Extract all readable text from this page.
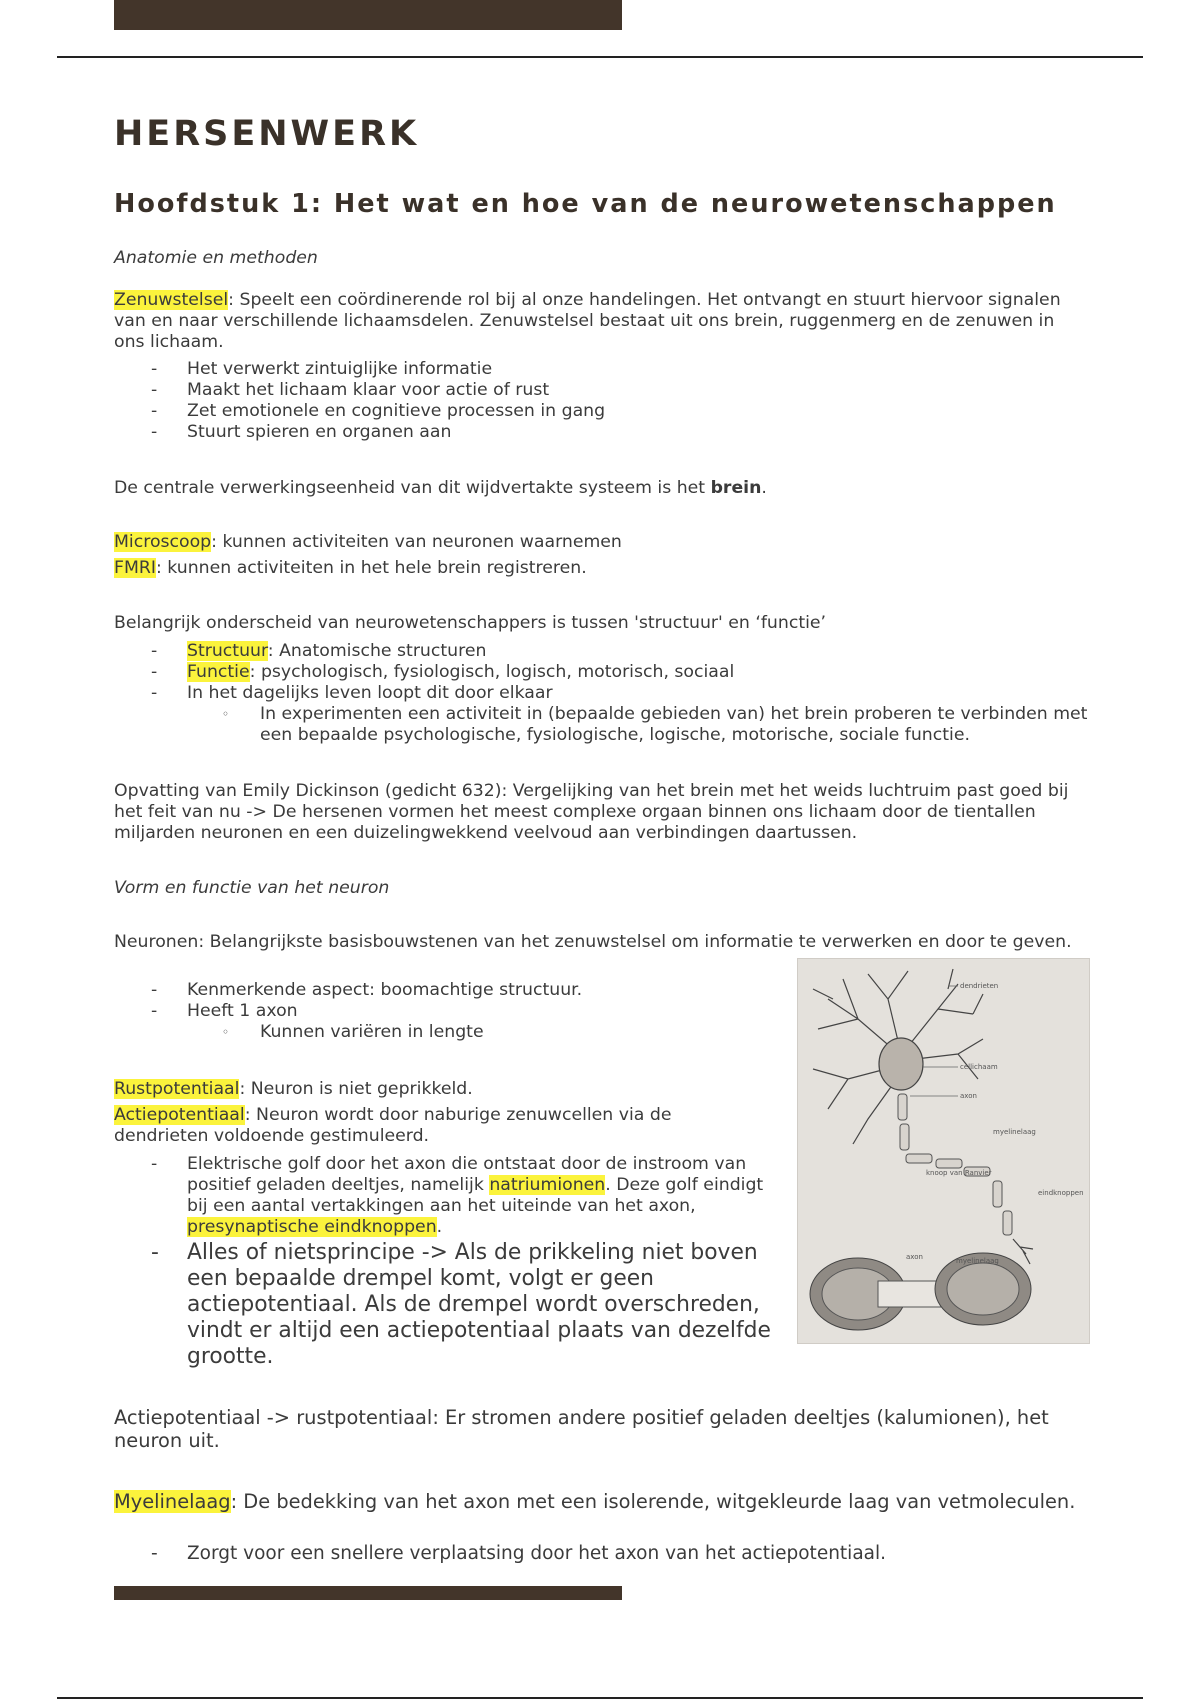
HERSENWERK
Hoofdstuk 1: Het wat en hoe van de neurowetenschappen

Anatomie en methoden

Zenuwstelsel: Speelt een coördinerende rol bij al onze handelingen. Het ontvangt en stuurt hiervoor signalen van en naar verschillende lichaamsdelen. Zenuwstelsel bestaat uit ons brein, ruggenmerg en de zenuwen in ons lichaam.

- Het verwerkt zintuiglijke informatie
- Maakt het lichaam klaar voor actie of rust
- Zet emotionele en cognitieve processen in gang
- Stuurt spieren en organen aan

De centrale verwerkingseenheid van dit wijdvertakte systeem is het brein.

Microscoop: kunnen activiteiten van neuronen waarnemen

FMRI: kunnen activiteiten in het hele brein registreren.

Belangrijk onderscheid van neurowetenschappers is tussen 'structuur' en ‘functie’

- Structuur: Anatomische structuren
- Functie: psychologisch, fysiologisch, logisch, motorisch, sociaal
- In het dagelijks leven loopt dit door elkaar
◦ In experimenten een activiteit in (bepaalde gebieden van) het brein proberen te verbinden met een bepaalde psychologische, fysiologische, logische, motorische, sociale functie.

Opvatting van Emily Dickinson (gedicht 632): Vergelijking van het brein met het weids luchtruim past goed bij het feit van nu -> De hersenen vormen het meest complexe orgaan binnen ons lichaam door de tientallen miljarden neuronen en een duizelingwekkend veelvoud aan verbindingen daartussen.

Vorm en functie van het neuron

Neuronen: Belangrijkste basisbouwstenen van het zenuwstelsel om informatie te verwerken en door te geven.

- Kenmerkende aspect: boomachtige structuur.
- Heeft 1 axon
◦ Kunnen variëren in lengte

Rustpotentiaal: Neuron is niet geprikkeld.

Actiepotentiaal: Neuron wordt door naburige zenuwcellen via de dendrieten voldoende gestimuleerd.

- Elektrische golf door het axon die ontstaat door de instroom van positief geladen deeltjes, namelijk natriumionen. Deze golf eindigt bij een aantal vertakkingen aan het uiteinde van het axon, presynaptische eindknoppen.
- Alles of nietsprincipe -> Als de prikkeling niet boven een bepaalde drempel komt, volgt er geen actiepotentiaal. Als de drempel wordt overschreden, vindt er altijd een actiepotentiaal plaats van dezelfde grootte.

Actiepotentiaal -> rustpotentiaal: Er stromen andere positief geladen deeltjes (kalumionen), het neuron uit.

Myelinelaag: De bedekking van het axon met een isolerende, witgekleurde laag van vetmoleculen.

- Zorgt voor een snellere verplaatsing door het axon van het actiepotentiaal.
dendrieten
cellichaam
axon
myelinelaag
knoop van Ranvier
eindknoppen
axon	myelinelaag
